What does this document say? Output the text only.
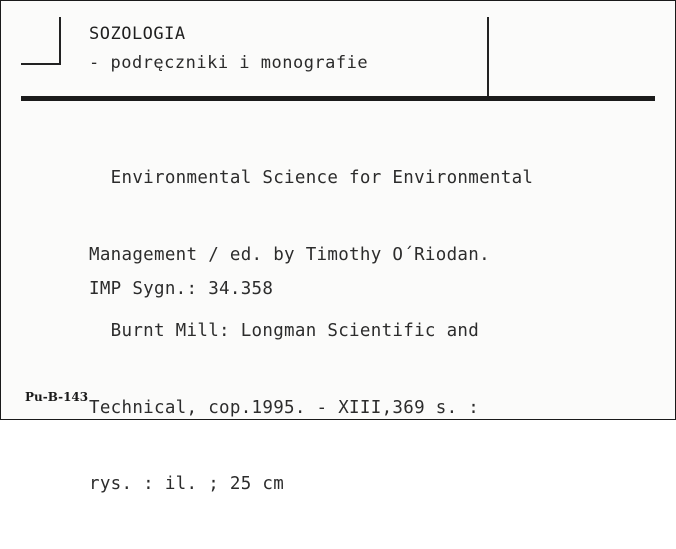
SOZOLOGIA
- podręczniki i monografie

Environmental Science for Environmental

Management / ed. by Timothy O´Riodan.

Burnt Mill: Longman Scientific and

Technical, cop.1995. - XIII,369 s. :

rys. : il. ; 25 cm

IMP Sygn.: 34.358
Pu-B-143
